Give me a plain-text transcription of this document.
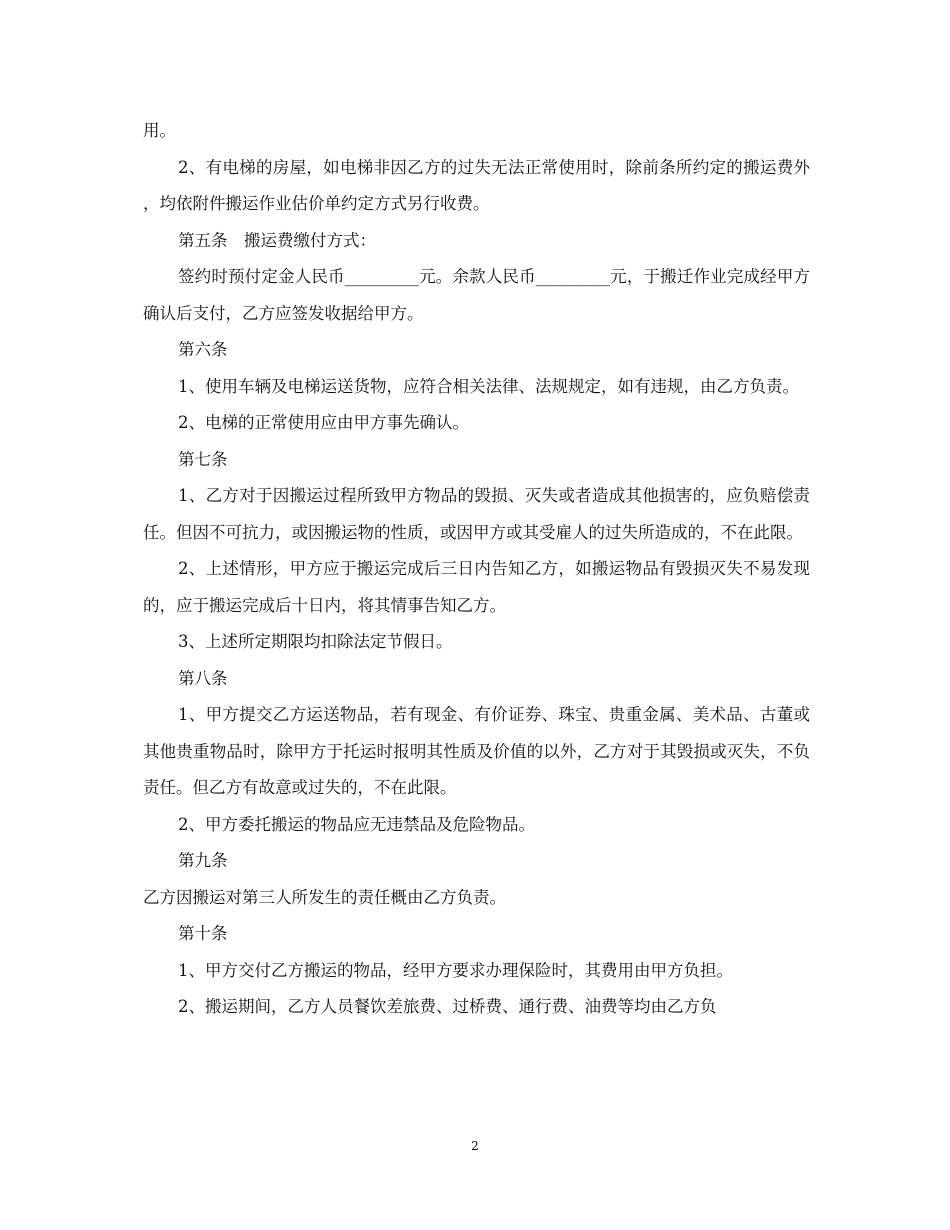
用。

2、有电梯的房屋，如电梯非因乙方的过失无法正常使用时，除前条所约定的搬运费外，均依附件搬运作业估价单约定方式另行收费。

第五条　搬运费缴付方式：

签约时预付定金人民币_________元。余款人民币_________元，于搬迁作业完成经甲方确认后支付，乙方应签发收据给甲方。

第六条

1、使用车辆及电梯运送货物，应符合相关法律、法规规定，如有违规，由乙方负责。

2、电梯的正常使用应由甲方事先确认。

第七条

1、乙方对于因搬运过程所致甲方物品的毁损、灭失或者造成其他损害的，应负赔偿责任。但因不可抗力，或因搬运物的性质，或因甲方或其受雇人的过失所造成的，不在此限。

2、上述情形，甲方应于搬运完成后三日内告知乙方，如搬运物品有毁损灭失不易发现的，应于搬运完成后十日内，将其情事告知乙方。

3、上述所定期限均扣除法定节假日。

第八条

1、甲方提交乙方运送物品，若有现金、有价证券、珠宝、贵重金属、美术品、古董或其他贵重物品时，除甲方于托运时报明其性质及价值的以外，乙方对于其毁损或灭失，不负责任。但乙方有故意或过失的，不在此限。

2、甲方委托搬运的物品应无违禁品及危险物品。

第九条

乙方因搬运对第三人所发生的责任概由乙方负责。

第十条

1、甲方交付乙方搬运的物品，经甲方要求办理保险时，其费用由甲方负担。

2、搬运期间，乙方人员餐饮差旅费、过桥费、通行费、油费等均由乙方负

2
